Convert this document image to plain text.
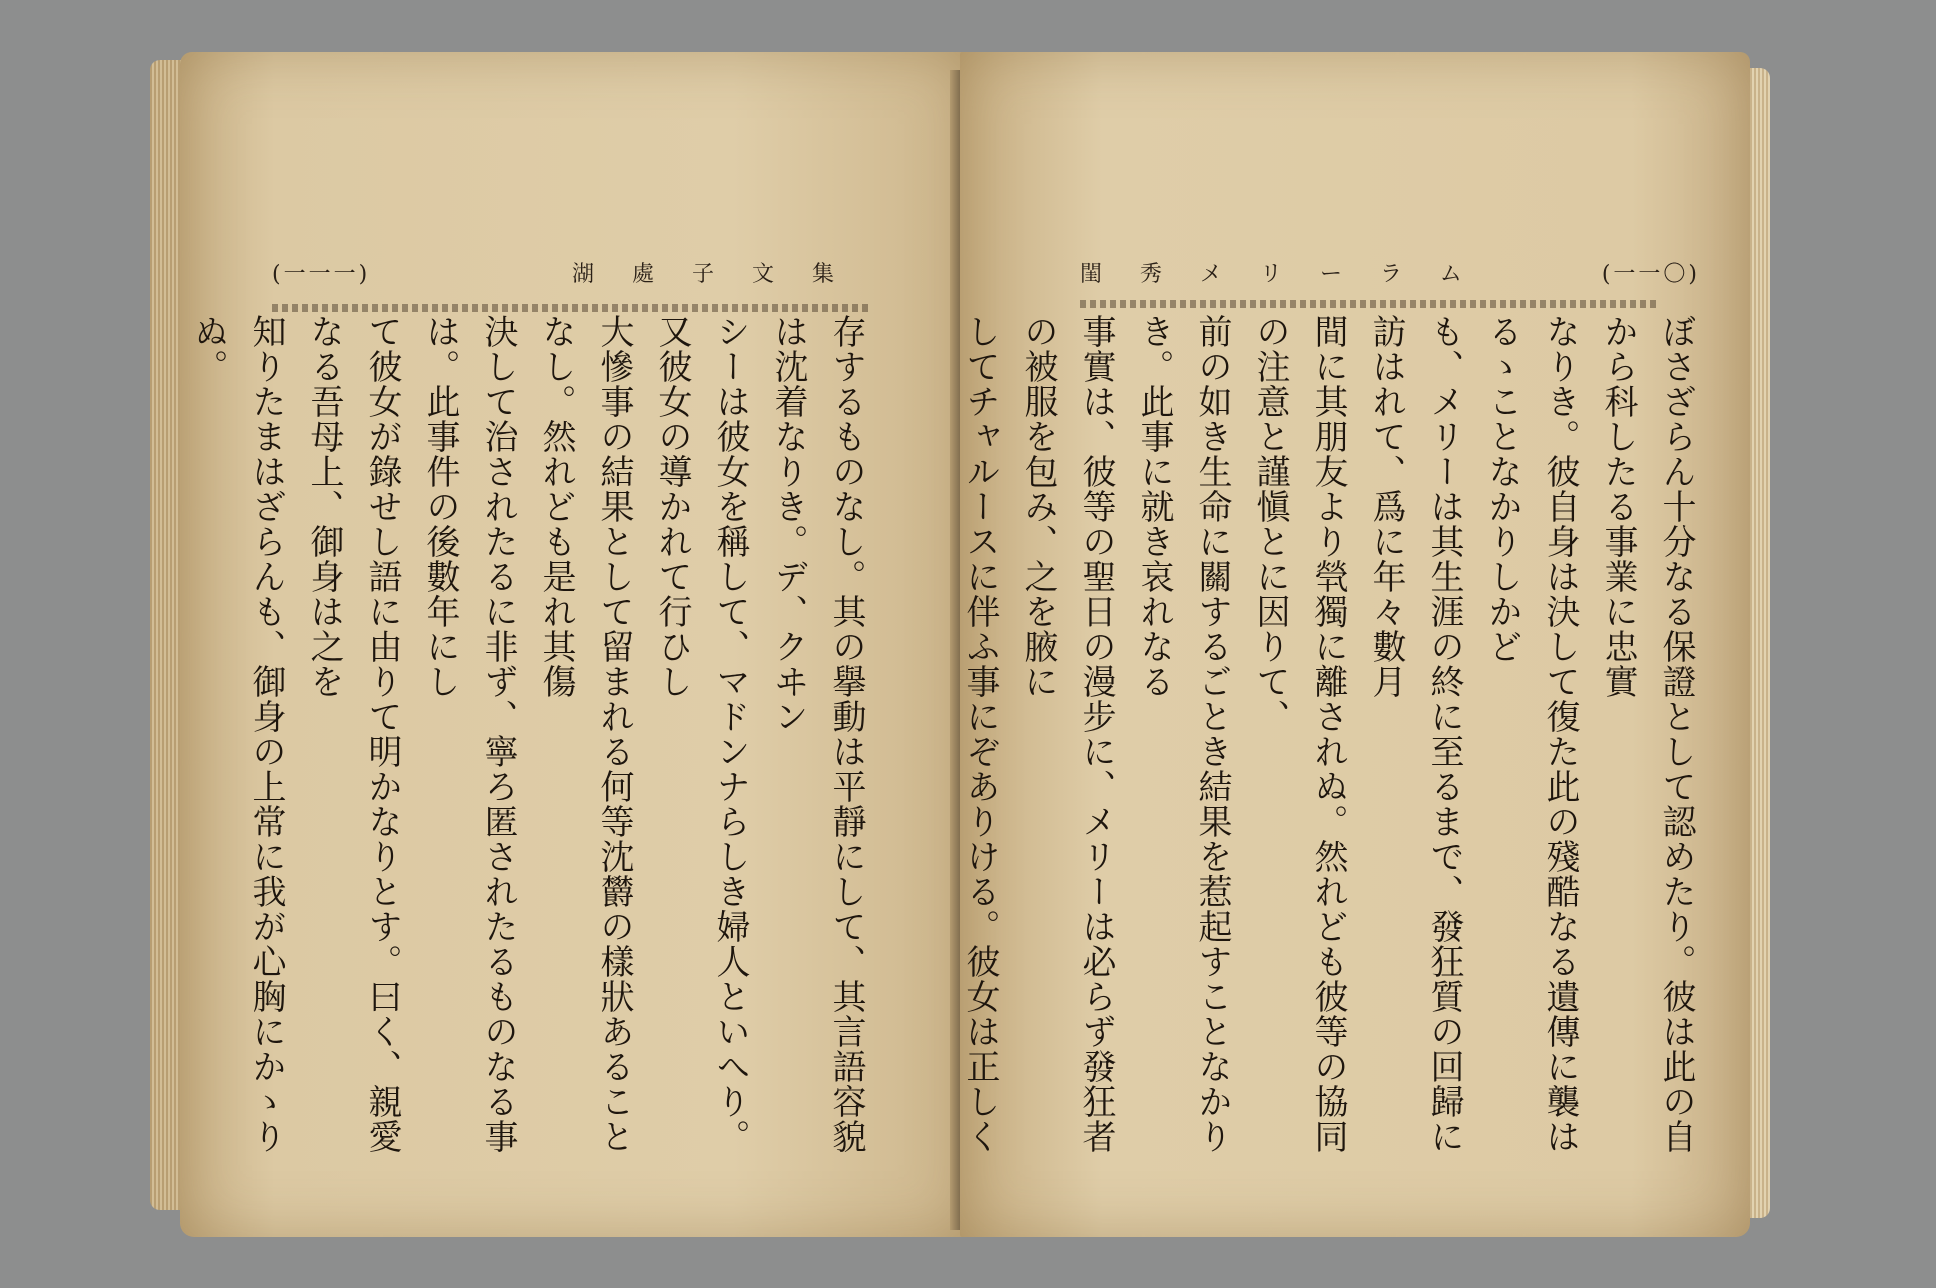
(一一一)	湖處子文集
存するものなし。其の擧動は平靜にして、其言語容貌は沈着なりき。デ、クヰン
シーは彼女を稱して、マドンナらしき婦人といへり。又彼女の導かれて行ひし
大慘事の結果として留まれる何等沈欝の樣狀あることなし。然れども是れ其傷
決して治されたるに非ず、寧ろ匿されたるものなる事は。此事件の後數年にし
て彼女が錄せし語に由りて明かなりとす。曰く、親愛なる吾母上、御身は之を
知りたまはざらんも、御身の上常に我が心胸にかゝりぬ。
閨秀メリーラム	(一一〇)
ぼさざらん十分なる保證として認めたり。彼は此の自から科したる事業に忠實
なりき。彼自身は決して復た此の殘酷なる遺傳に襲はるゝことなかりしかど
も、メリーは其生涯の終に至るまで、發狂質の回歸に訪はれて、爲に年々數月
間に其朋友より煢獨に離されぬ。然れども彼等の協同の注意と謹愼とに因りて、
前の如き生命に關するごとき結果を惹起すことなかりき。此事に就き哀れなる
事實は、彼等の聖日の漫步に、メリーは必らず發狂者の被服を包み、之を腋に
してチャルースに伴ふ事にぞありける。彼女は正しく
